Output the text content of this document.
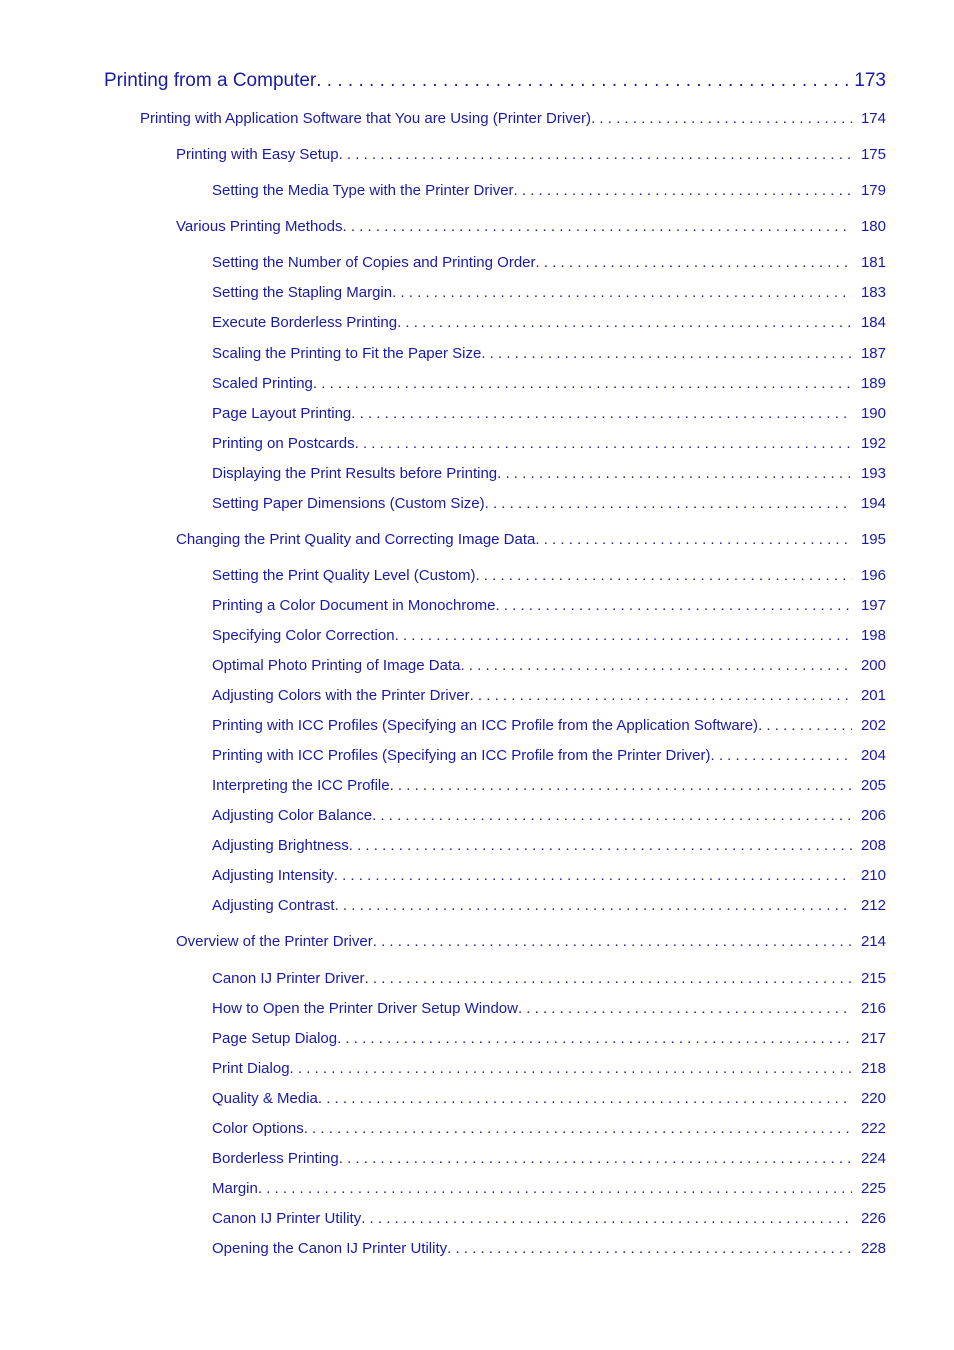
Printing from a Computer . . .	173
Printing with Application Software that You are Using (Printer Driver) . . .	174
Printing with Easy Setup . . .	175
Setting the Media Type with the Printer Driver . . .	179
Various Printing Methods . . .	180
Setting the Number of Copies and Printing Order . . .	181
Setting the Stapling Margin . . .	183
Execute Borderless Printing . . .	184
Scaling the Printing to Fit the Paper Size . . .	187
Scaled Printing . . .	189
Page Layout Printing . . .	190
Printing on Postcards . . .	192
Displaying the Print Results before Printing . . .	193
Setting Paper Dimensions (Custom Size) . . .	194
Changing the Print Quality and Correcting Image Data . . .	195
Setting the Print Quality Level (Custom) . . .	196
Printing a Color Document in Monochrome . . .	197
Specifying Color Correction . . .	198
Optimal Photo Printing of Image Data . . .	200
Adjusting Colors with the Printer Driver . . .	201
Printing with ICC Profiles (Specifying an ICC Profile from the Application Software) . . .	202
Printing with ICC Profiles (Specifying an ICC Profile from the Printer Driver) . . .	204
Interpreting the ICC Profile . . .	205
Adjusting Color Balance . . .	206
Adjusting Brightness . . .	208
Adjusting Intensity . . .	210
Adjusting Contrast . . .	212
Overview of the Printer Driver . . .	214
Canon IJ Printer Driver . . .	215
How to Open the Printer Driver Setup Window . . .	216
Page Setup Dialog . . .	217
Print Dialog . . .	218
Quality & Media . . .	220
Color Options . . .	222
Borderless Printing . . .	224
Margin . . .	225
Canon IJ Printer Utility . . .	226
Opening the Canon IJ Printer Utility . . .	228
